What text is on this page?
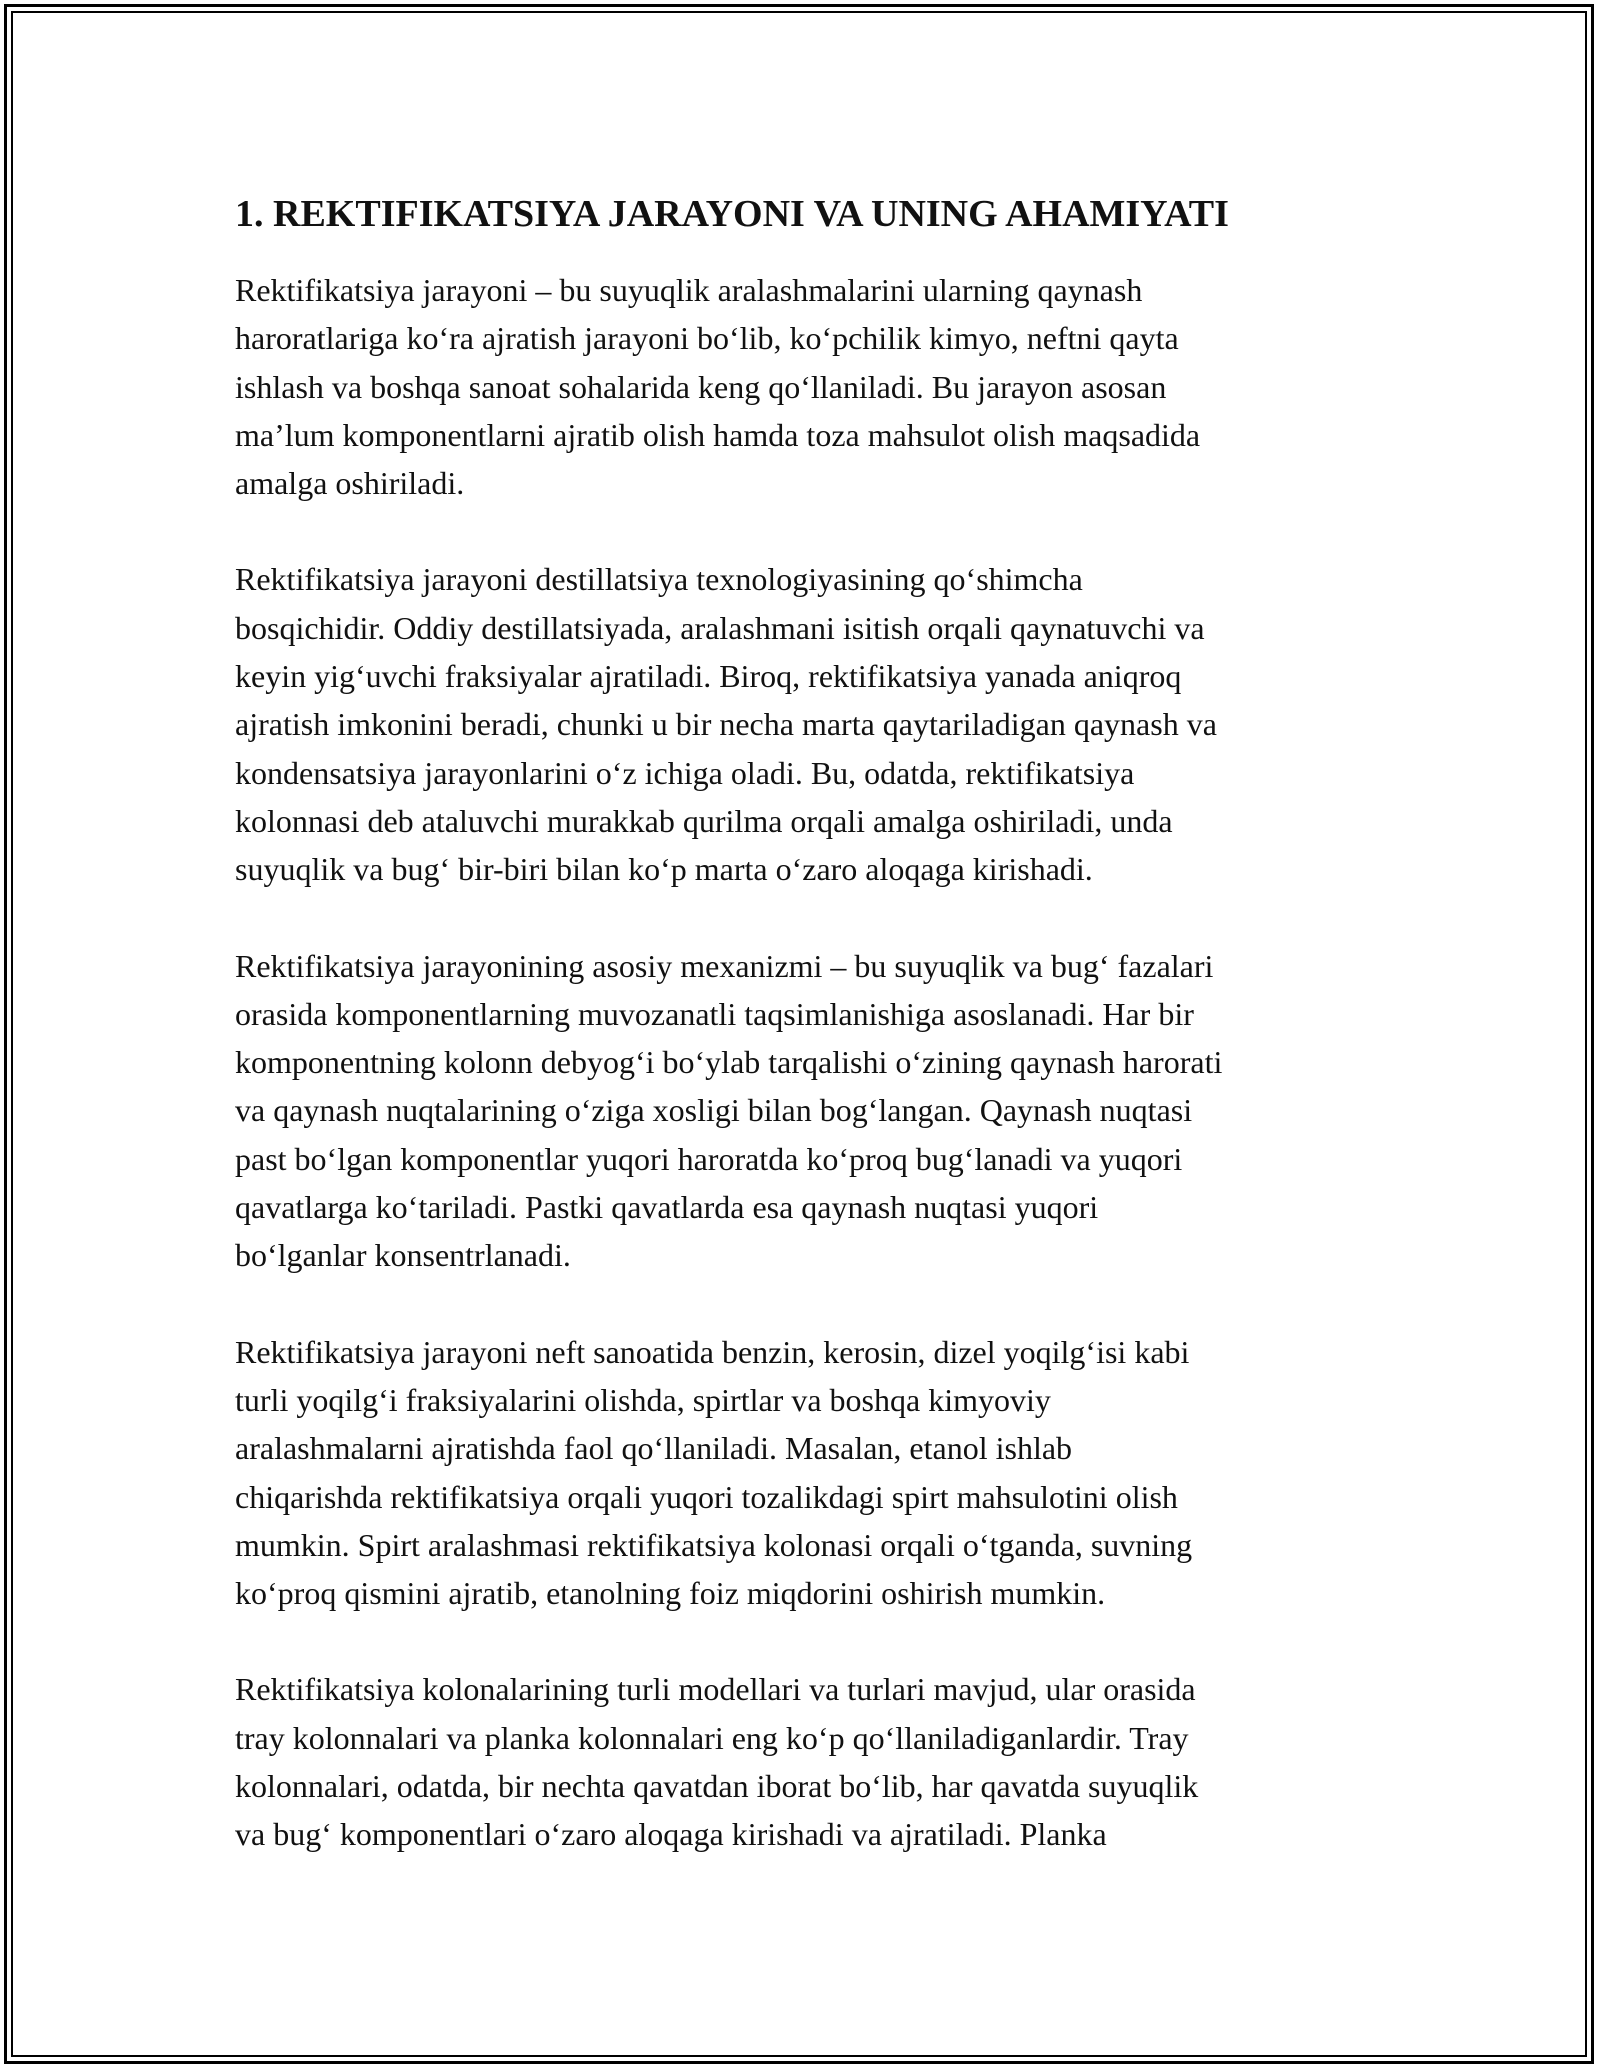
1. REKTIFIKATSIYA JARAYONI VA UNING AHAMIYATI

Rektifikatsiya jarayoni – bu suyuqlik aralashmalarini ularning qaynash
haroratlariga ko‘ra ajratish jarayoni bo‘lib, ko‘pchilik kimyo, neftni qayta
ishlash va boshqa sanoat sohalarida keng qo‘llaniladi. Bu jarayon asosan
ma’lum komponentlarni ajratib olish hamda toza mahsulot olish maqsadida
amalga oshiriladi.

Rektifikatsiya jarayoni destillatsiya texnologiyasining qo‘shimcha
bosqichidir. Oddiy destillatsiyada, aralashmani isitish orqali qaynatuvchi va
keyin yig‘uvchi fraksiyalar ajratiladi. Biroq, rektifikatsiya yanada aniqroq
ajratish imkonini beradi, chunki u bir necha marta qaytariladigan qaynash va
kondensatsiya jarayonlarini o‘z ichiga oladi. Bu, odatda, rektifikatsiya
kolonnasi deb ataluvchi murakkab qurilma orqali amalga oshiriladi, unda
suyuqlik va bug‘ bir-biri bilan ko‘p marta o‘zaro aloqaga kirishadi.

Rektifikatsiya jarayonining asosiy mexanizmi – bu suyuqlik va bug‘ fazalari
orasida komponentlarning muvozanatli taqsimlanishiga asoslanadi. Har bir
komponentning kolonn debyog‘i bo‘ylab tarqalishi o‘zining qaynash harorati
va qaynash nuqtalarining o‘ziga xosligi bilan bog‘langan. Qaynash nuqtasi
past bo‘lgan komponentlar yuqori haroratda ko‘proq bug‘lanadi va yuqori
qavatlarga ko‘tariladi. Pastki qavatlarda esa qaynash nuqtasi yuqori
bo‘lganlar konsentrlanadi.

Rektifikatsiya jarayoni neft sanoatida benzin, kerosin, dizel yoqilg‘isi kabi
turli yoqilg‘i fraksiyalarini olishda, spirtlar va boshqa kimyoviy
aralashmalarni ajratishda faol qo‘llaniladi. Masalan, etanol ishlab
chiqarishda rektifikatsiya orqali yuqori tozalikdagi spirt mahsulotini olish
mumkin. Spirt aralashmasi rektifikatsiya kolonasi orqali o‘tganda, suvning
ko‘proq qismini ajratib, etanolning foiz miqdorini oshirish mumkin.

Rektifikatsiya kolonalarining turli modellari va turlari mavjud, ular orasida
tray kolonnalari va planka kolonnalari eng ko‘p qo‘llaniladiganlardir. Tray
kolonnalari, odatda, bir nechta qavatdan iborat bo‘lib, har qavatda suyuqlik
va bug‘ komponentlari o‘zaro aloqaga kirishadi va ajratiladi. Planka
